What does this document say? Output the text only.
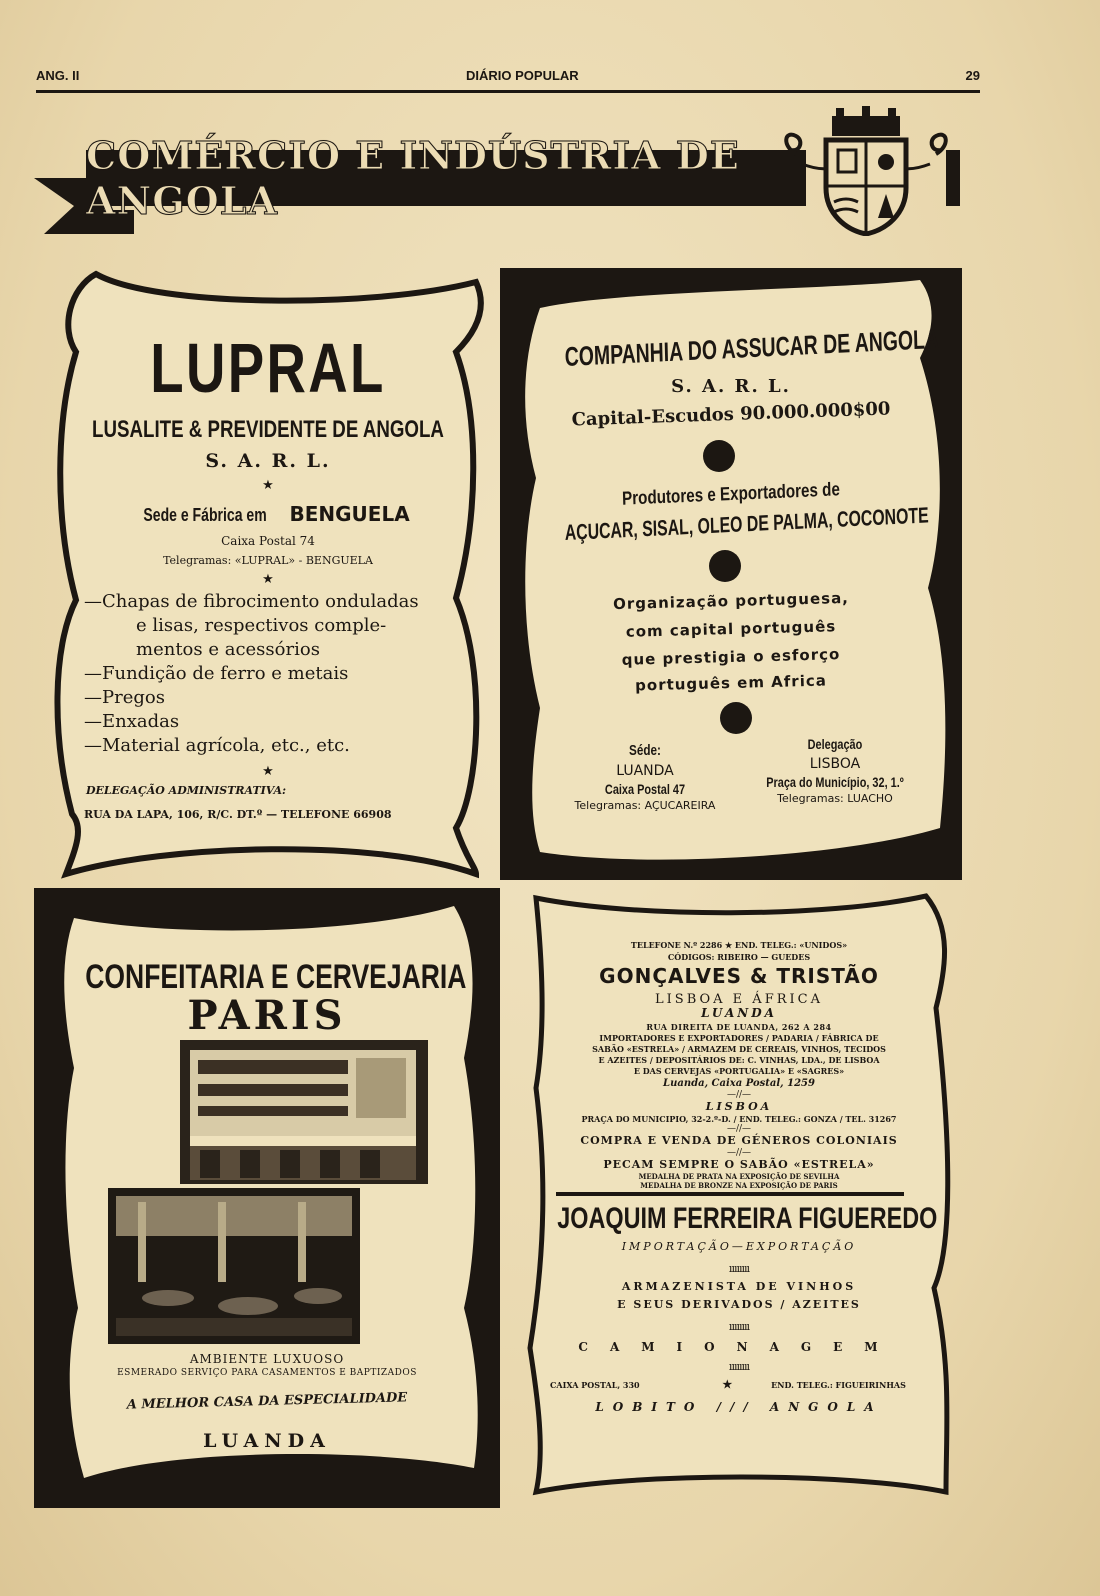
ANG. II	DIÁRIO POPULAR	29
COMÉRCIO E INDÚSTRIA DE ANGOLA
LUPRAL
LUSALITE & PREVIDENTE DE ANGOLA
S. A. R. L.
★
Sede e Fábrica em BENGUELA
Caixa Postal 74
Telegramas: «LUPRAL» - BENGUELA
★
—Chapas de fibrocimento onduladas
e lisas, respectivos comple-
mentos e acessórios
—Fundição de ferro e metais
—Pregos
—Enxadas
—Material agrícola, etc., etc.
★
DELEGAÇÃO ADMINISTRATIVA:
RUA DA LAPA, 106, R/C. DT.º — TELEFONE 66908
COMPANHIA DO ASSUCAR DE ANGOLA
S. A. R. L.
Capital-Escudos 90.000.000$00
Produtores e Exportadores de
AÇUCAR, SISAL, OLEO DE PALMA, COCONOTE
Organização portuguesa,
com capital português
que prestigia o esforço
português em Africa
Séde:
LUANDA
Caixa Postal 47
Telegramas: AÇUCAREIRA
Delegação
LISBOA
Praça do Município, 32, 1.º
Telegramas: LUACHO
CONFEITARIA E CERVEJARIA
PARIS
AMBIENTE LUXUOSO
ESMERADO SERVIÇO PARA CASAMENTOS E BAPTIZADOS
A MELHOR CASA DA ESPECIALIDADE
LUANDA
TELEFONE N.º 2286 ★ END. TELEG.: «UNIDOS»
CÓDIGOS: RIBEIRO — GUEDES
GONÇALVES & TRISTÃO
LISBOA E ÁFRICA
LUANDA
RUA DIREITA DE LUANDA, 262 A 284
IMPORTADORES E EXPORTADORES / PADARIA / FÁBRICA DE
SABÃO «ESTRELA» / ARMAZEM DE CEREAIS, VINHOS, TECIDOS
E AZEITES / DEPOSITÁRIOS DE: C. VINHAS, LDA., DE LISBOA
E DAS CERVEJAS «PORTUGALIA» E «SAGRES»
Luanda, Caixa Postal, 1259
—//—
LISBOA
PRAÇA DO MUNICIPIO, 32-2.º-D. / END. TELEG.: GONZA / TEL. 31267
—//—
COMPRA E VENDA DE GÉNEROS COLONIAIS
—//—
PECAM SEMPRE O SABÃO «ESTRELA»
MEDALHA DE PRATA NA EXPOSIÇÃO DE SEVILHA
MEDALHA DE BRONZE NA EXPOSIÇÃO DE PARIS
JOAQUIM FERREIRA FIGUEREDO
IMPORTAÇÃO—EXPORTAÇÃO
ıııııııı
ARMAZENISTA DE VINHOS
E SEUS DERIVADOS / AZEITES
ıııııııı
CAMIONAGEM
ıııııııı
CAIXA POSTAL, 330	★	END. TELEG.: FIGUEIRINHAS
LOBITO /// ANGOLA
